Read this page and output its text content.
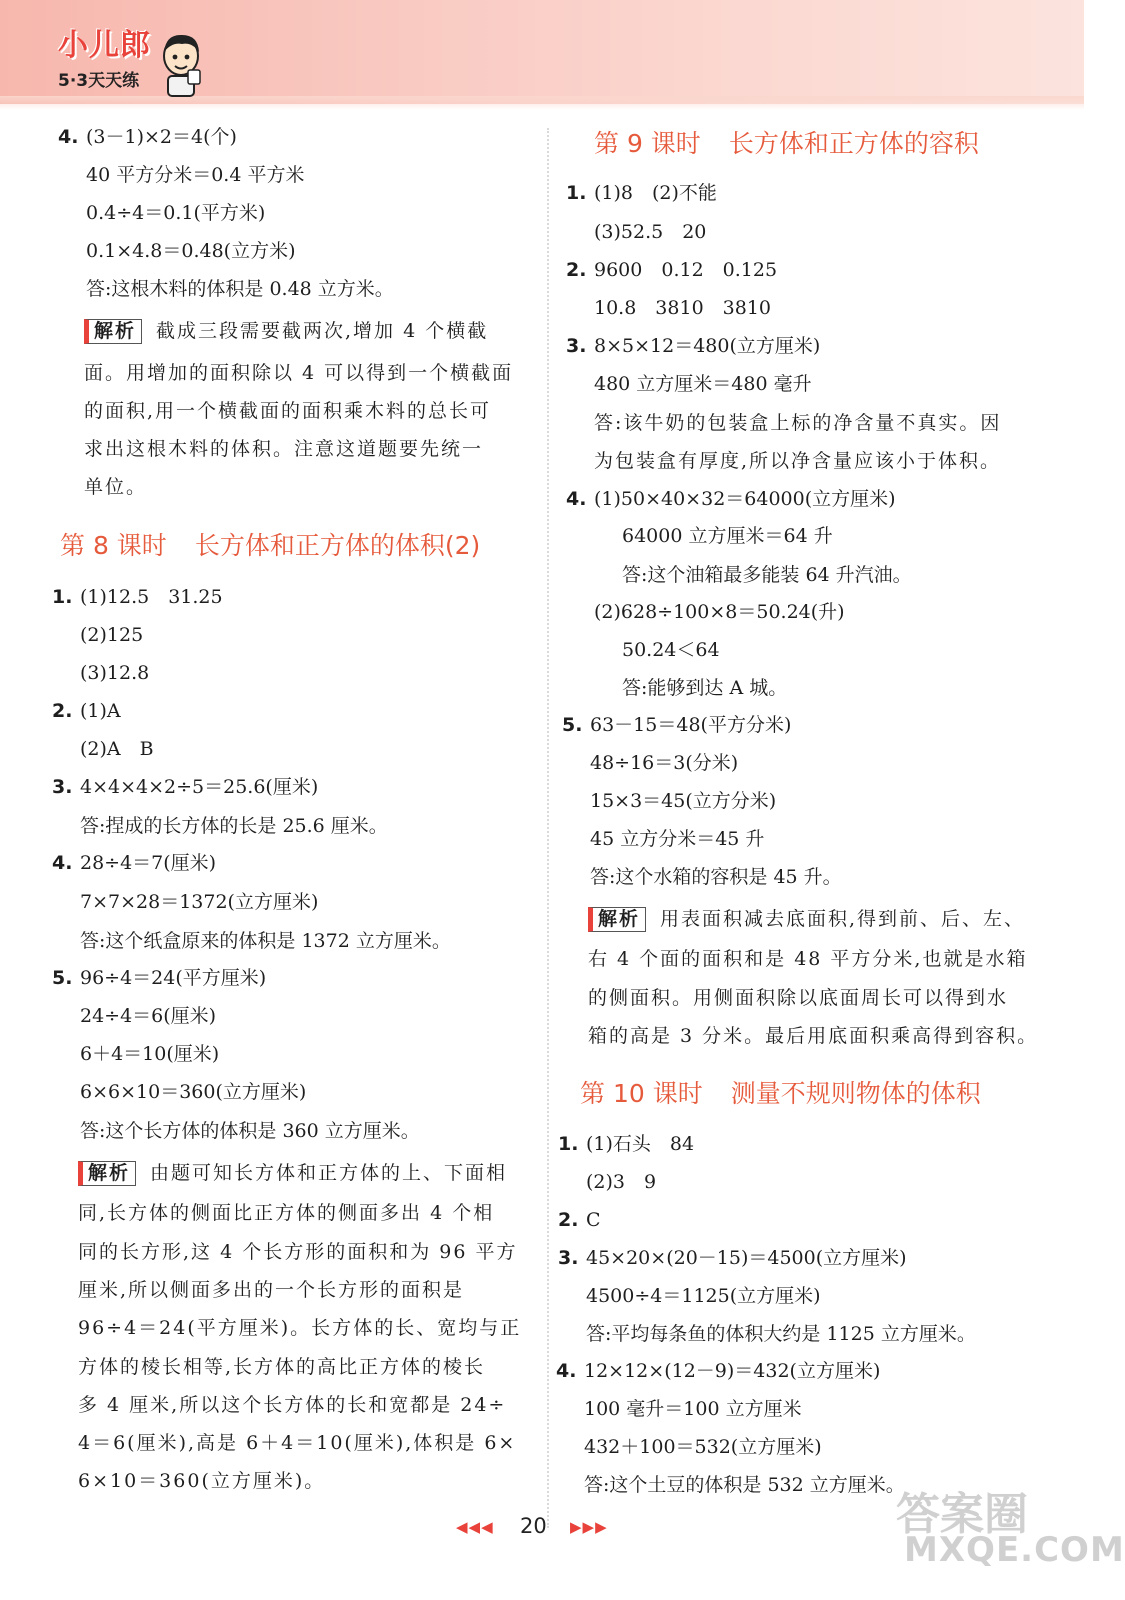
小儿郎
5·3天天练
4. (3－1)×2＝4(个)
40 平方分米＝0.4 平方米
0.4÷4＝0.1(平方米)
0.1×4.8＝0.48(立方米)
答:这根木料的体积是 0.48 立方米。
解析 截成三段需要截两次,增加 4 个横截
面。用增加的面积除以 4 可以得到一个横截面
的面积,用一个横截面的面积乘木料的总长可
求出这根木料的体积。注意这道题要先统一
单位。
第 8 课时 长方体和正方体的体积(2)
1. (1)12.5　31.25
(2)125
(3)12.8
2. (1)A
(2)A　B
3. 4×4×4×2÷5＝25.6(厘米)
答:捏成的长方体的长是 25.6 厘米。
4. 28÷4＝7(厘米)
7×7×28＝1372(立方厘米)
答:这个纸盒原来的体积是 1372 立方厘米。
5. 96÷4＝24(平方厘米)
24÷4＝6(厘米)
6＋4＝10(厘米)
6×6×10＝360(立方厘米)
答:这个长方体的体积是 360 立方厘米。
解析 由题可知长方体和正方体的上、下面相
同,长方体的侧面比正方体的侧面多出 4 个相
同的长方形,这 4 个长方形的面积和为 96 平方
厘米,所以侧面多出的一个长方形的面积是
96÷4＝24(平方厘米)。长方体的长、宽均与正
方体的棱长相等,长方体的高比正方体的棱长
多 4 厘米,所以这个长方体的长和宽都是 24÷
4＝6(厘米),高是 6＋4＝10(厘米),体积是 6×
6×10＝360(立方厘米)。
第 9 课时 长方体和正方体的容积
1. (1)8　(2)不能
(3)52.5　20
2. 9600　0.12　0.125
10.8　3810　3810
3. 8×5×12＝480(立方厘米)
480 立方厘米＝480 毫升
答:该牛奶的包装盒上标的净含量不真实。因
为包装盒有厚度,所以净含量应该小于体积。
4. (1)50×40×32＝64000(立方厘米)
64000 立方厘米＝64 升
答:这个油箱最多能装 64 升汽油。
(2)628÷100×8＝50.24(升)
50.24＜64
答:能够到达 A 城。
5. 63－15＝48(平方分米)
48÷16＝3(分米)
15×3＝45(立方分米)
45 立方分米＝45 升
答:这个水箱的容积是 45 升。
解析 用表面积减去底面积,得到前、后、左、
右 4 个面的面积和是 48 平方分米,也就是水箱
的侧面积。用侧面积除以底面周长可以得到水
箱的高是 3 分米。最后用底面积乘高得到容积。
第 10 课时 测量不规则物体的体积
1. (1)石头　84
(2)3　9
2. C
3. 45×20×(20－15)＝4500(立方厘米)
4500÷4＝1125(立方厘米)
答:平均每条鱼的体积大约是 1125 立方厘米。
4. 12×12×(12－9)＝432(立方厘米)
100 毫升＝100 立方厘米
432＋100＝532(立方厘米)
答:这个土豆的体积是 532 立方厘米。
◀◀◀ 20 ▶▶▶	答案圈
MXQE.COM
